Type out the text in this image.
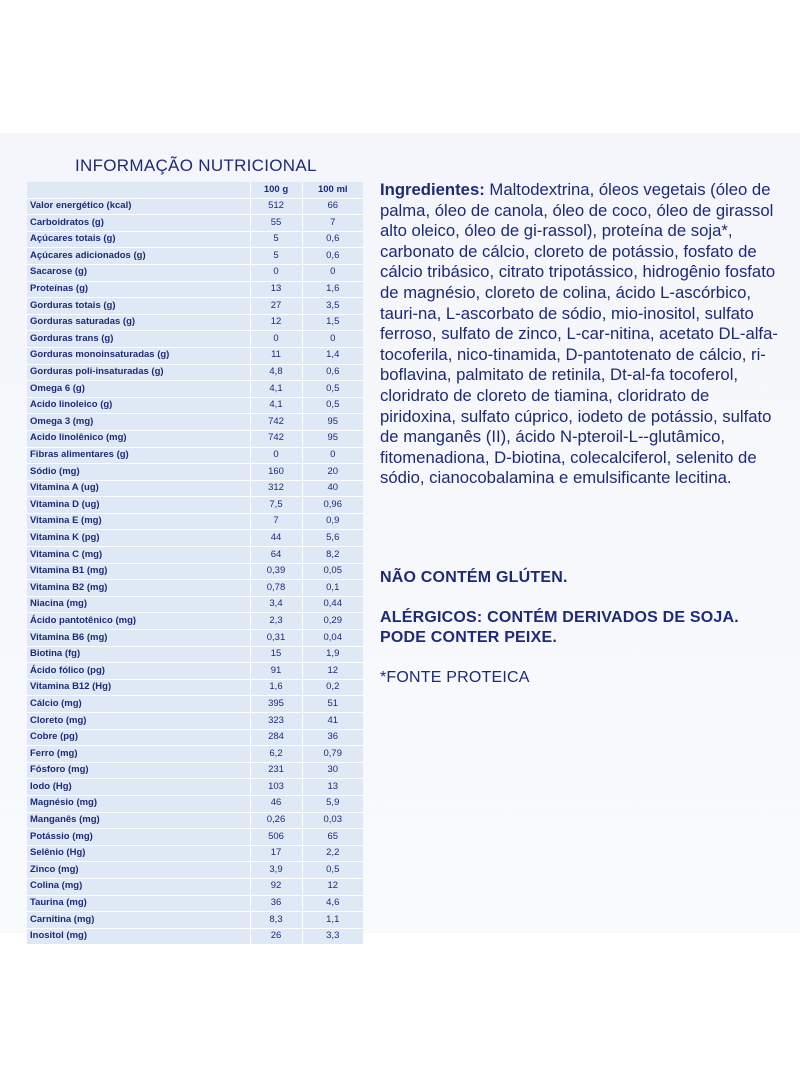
INFORMAÇÃO NUTRICIONAL
	100 g	100 ml
Valor energético (kcal)	512	66
Carboidratos (g)	55	7
Açúcares totais (g)	5	0,6
Açúcares adicionados (g)	5	0,6
Sacarose (g)	0	0
Proteínas (g)	13	1,6
Gorduras totais (g)	27	3,5
Gorduras saturadas (g)	12	1,5
Gorduras trans (g)	0	0
Gorduras monoinsaturadas (g)	11	1,4
Gorduras poli-insaturadas (g)	4,8	0,6
Omega 6 (g)	4,1	0,5
Acido linoleico (g)	4,1	0,5
Omega 3 (mg)	742	95
Acido linolênico (mg)	742	95
Fibras alimentares (g)	0	0
Sódio (mg)	160	20
Vitamina A (ug)	312	40
Vitamina D (ug)	7,5	0,96
Vitamina E (mg)	7	0,9
Vitamina K (pg)	44	5,6
Vitamina C (mg)	64	8,2
Vitamina B1 (mg)	0,39	0,05
Vitamina B2 (mg)	0,78	0,1
Niacina (mg)	3,4	0,44
Ácido pantotênico (mg)	2,3	0,29
Vitamina B6 (mg)	0,31	0,04
Biotina (fg)	15	1,9
Ácido fólico (pg)	91	12
Vitamina B12 (Hg)	1,6	0,2
Cálcio (mg)	395	51
Cloreto (mg)	323	41
Cobre (pg)	284	36
Ferro (mg)	6,2	0,79
Fósforo (mg)	231	30
Iodo (Hg)	103	13
Magnésio (mg)	46	5,9
Manganês (mg)	0,26	0,03
Potássio (mg)	506	65
Selênio (Hg)	17	2,2
Zinco (mg)	3,9	0,5
Colina (mg)	92	12
Taurina (mg)	36	4,6
Carnitina (mg)	8,3	1,1
Inositol (mg)	26	3,3

Ingredientes: Maltodextrina, óleos vegetais (óleo de palma, óleo de canola, óleo de coco, óleo de girassol alto oleico, óleo de gi-rassol), proteína de soja*, carbonato de cálcio, cloreto de potássio, fosfato de cálcio tribásico, citrato tripotássico, hidrogênio fosfato de magnésio, cloreto de colina, ácido L-ascórbico, tauri-na, L-ascorbato de sódio, mio-inositol, sulfato ferroso, sulfato de zinco, L-car-nitina, acetato DL-alfa-tocoferila, nico-tinamida, D-pantotenato de cálcio, ri-boflavina, palmitato de retinila, Dt-al-fa tocoferol, cloridrato de cloreto de tiamina, cloridrato de piridoxina, sulfato cúprico, iodeto de potássio, sulfato de manganês (II), ácido N-pteroil-L--glutâmico, fitomenadiona, D-biotina, colecalciferol, selenito de sódio, cianocobalamina e emulsificante lecitina.

NÃO CONTÉM GLÚTEN.

ALÉRGICOS: CONTÉM DERIVADOS DE SOJA. PODE CONTER PEIXE.

*FONTE PROTEICA
